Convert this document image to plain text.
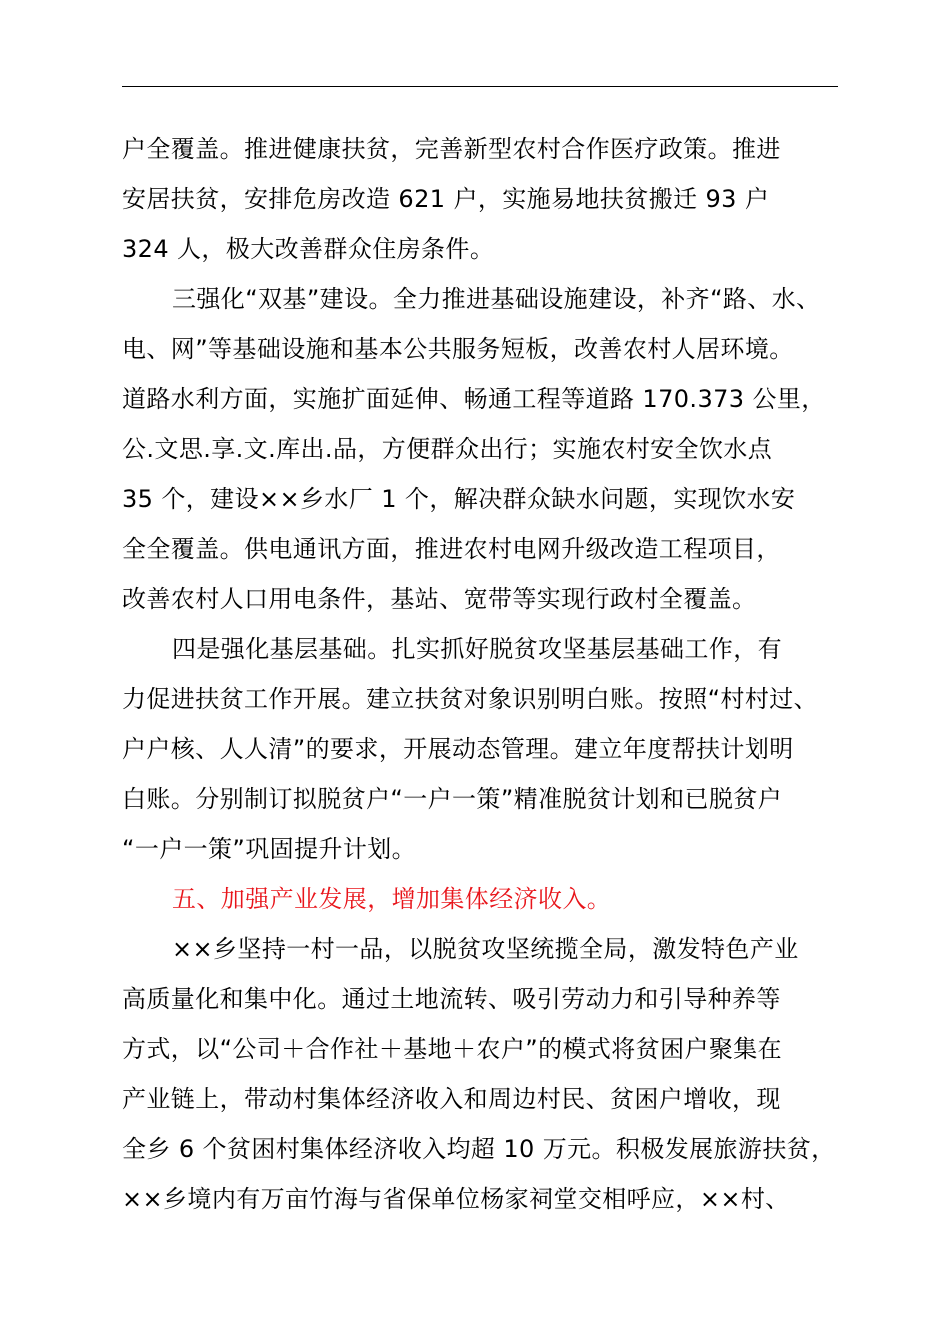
户全覆盖。推进健康扶贫，完善新型农村合作医疗政策。推进
安居扶贫，安排危房改造 621 户，实施易地扶贫搬迁 93 户
324 人，极大改善群众住房条件。
三强化“双基”建设。全力推进基础设施建设，补齐“路、水、
电、网”等基础设施和基本公共服务短板，改善农村人居环境。
道路水利方面，实施扩面延伸、畅通工程等道路 170.373 公里，
公.文思.享.文.库出.品，方便群众出行；实施农村安全饮水点
35 个，建设××乡水厂 1 个，解决群众缺水问题，实现饮水安
全全覆盖。供电通讯方面，推进农村电网升级改造工程项目，
改善农村人口用电条件，基站、宽带等实现行政村全覆盖。
四是强化基层基础。扎实抓好脱贫攻坚基层基础工作，有
力促进扶贫工作开展。建立扶贫对象识别明白账。按照“村村过、
户户核、人人清”的要求，开展动态管理。建立年度帮扶计划明
白账。分别制订拟脱贫户“一户一策”精准脱贫计划和已脱贫户
“一户一策”巩固提升计划。
五、加强产业发展，增加集体经济收入。
××乡坚持一村一品，以脱贫攻坚统揽全局，激发特色产业
高质量化和集中化。通过土地流转、吸引劳动力和引导种养等
方式，以“公司＋合作社＋基地＋农户”的模式将贫困户聚集在
产业链上，带动村集体经济收入和周边村民、贫困户增收，现
全乡 6 个贫困村集体经济收入均超 10 万元。积极发展旅游扶贫，
××乡境内有万亩竹海与省保单位杨家祠堂交相呼应，××村、
